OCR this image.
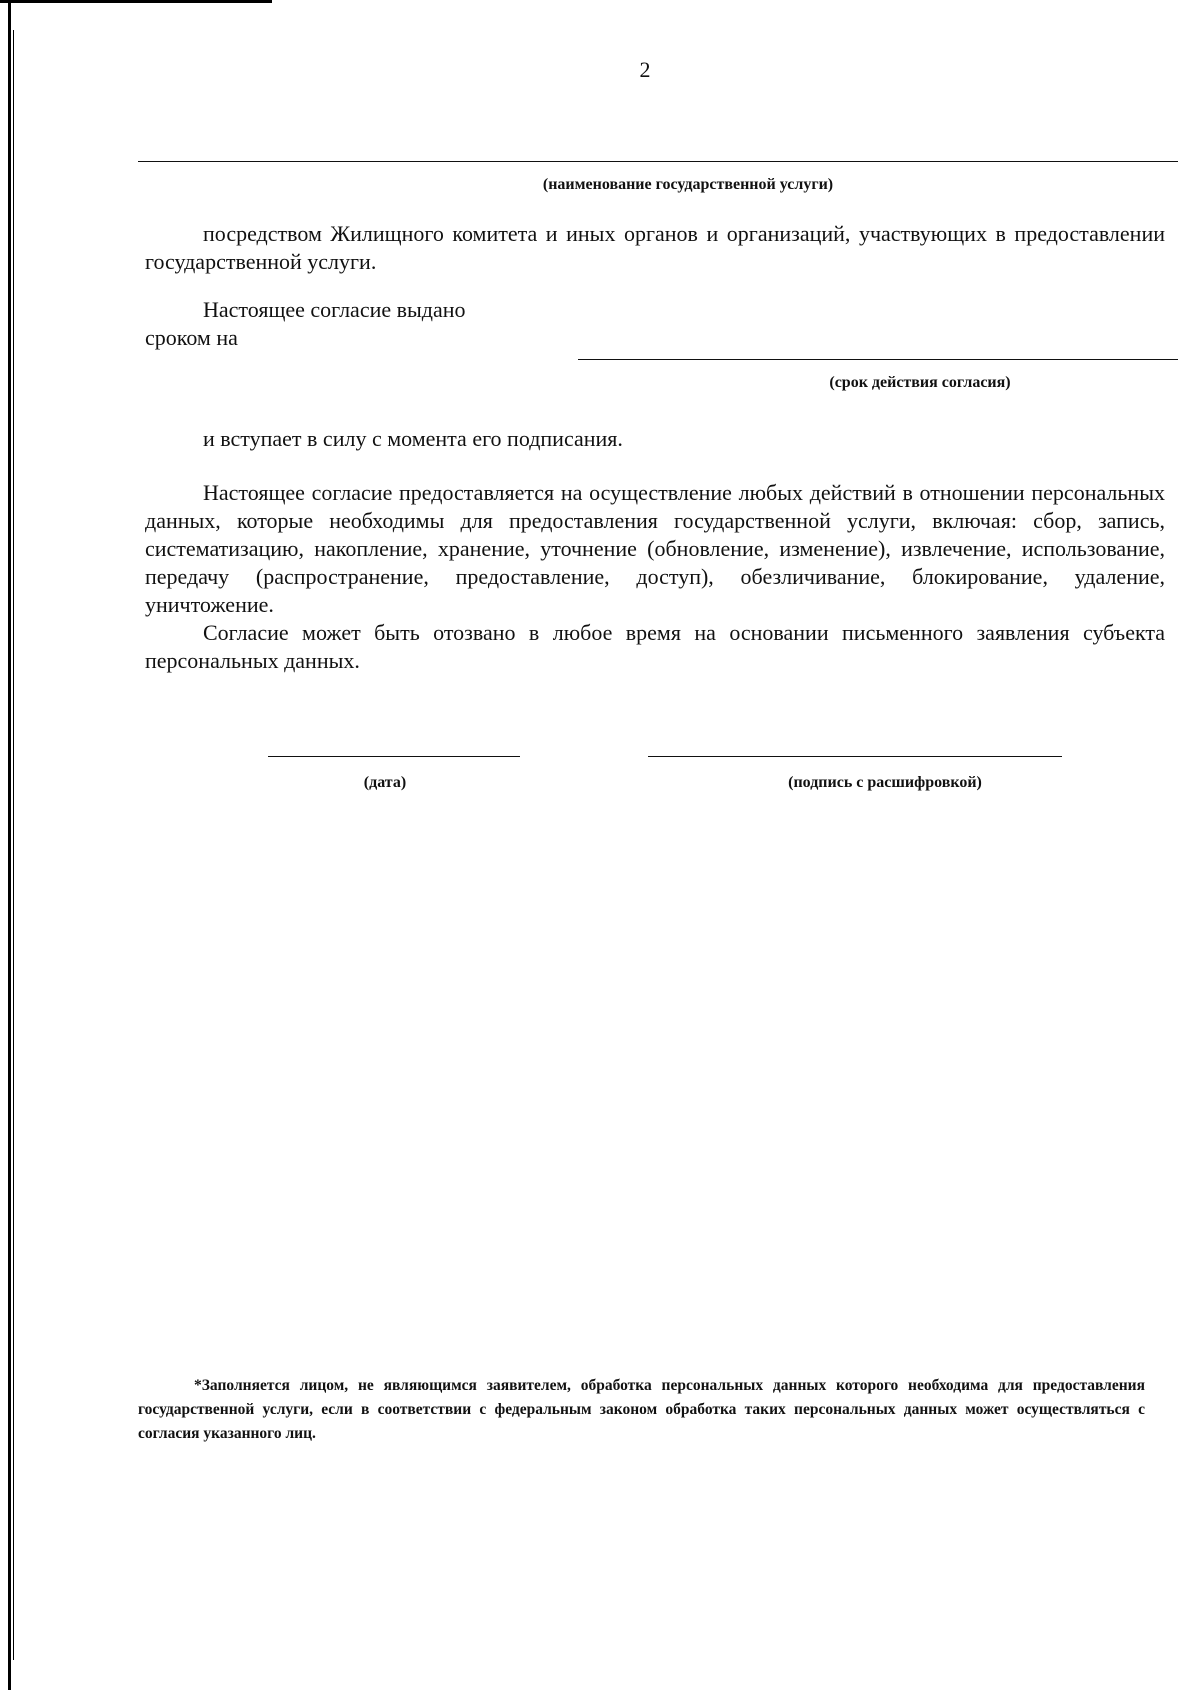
2
(наименование государственной услуги)

посредством Жилищного комитета и иных органов и организаций, участвующих в предоставлении государственной услуги.

Настоящее согласие выдано
сроком на
(срок действия согласия)
и вступает в силу с момента его подписания.

Настоящее согласие предоставляется на осуществление любых действий в отношении персональных данных, которые необходимы для предоставления государственной услуги, включая: сбор, запись, систематизацию, накопление, хранение, уточнение (обновление, изменение), извлечение, использование, передачу (распространение, предоставление, доступ), обезличивание, блокирование, удаление, уничтожение.

Согласие может быть отозвано в любое время на основании письменного заявления субъекта персональных данных.

(дата)	(подпись с расшифровкой)

*Заполняется лицом, не являющимся заявителем, обработка персональных данных которого необходима для предоставления государственной услуги, если в соответствии с федеральным законом обработка таких персональных данных может осуществляться с согласия указанного лиц.
